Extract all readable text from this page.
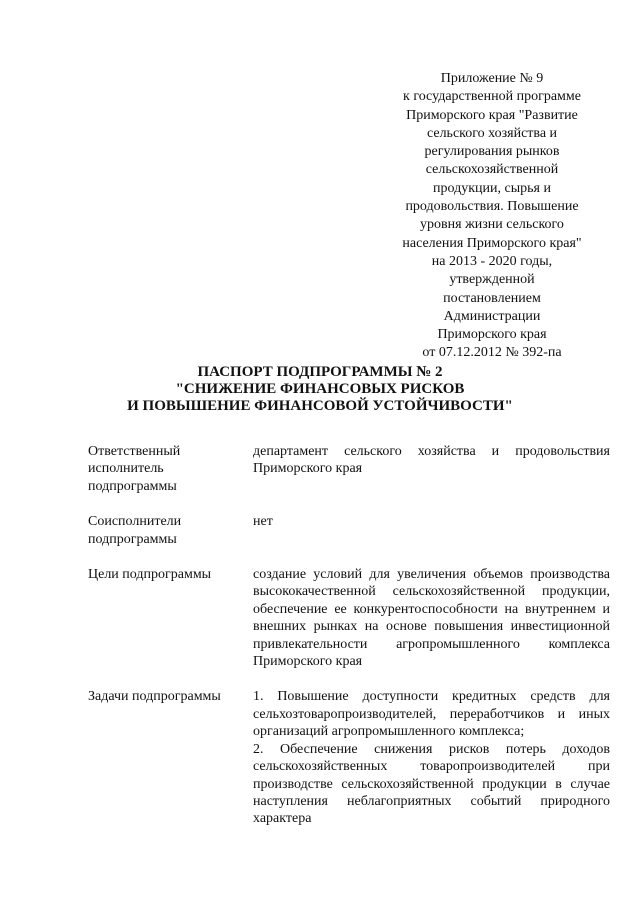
Приложение № 9
к государственной программе
Приморского края "Развитие
сельского хозяйства и
регулирования рынков
сельскохозяйственной
продукции, сырья и
продовольствия. Повышение
уровня жизни сельского
населения Приморского края"
на 2013 - 2020 годы,
утвержденной
постановлением
Администрации
Приморского края
от 07.12.2012 № 392-па
ПАСПОРТ ПОДПРОГРАММЫ № 2
"СНИЖЕНИЕ ФИНАНСОВЫХ РИСКОВ
И ПОВЫШЕНИЕ ФИНАНСОВОЙ УСТОЙЧИВОСТИ"
Ответственный исполнитель подпрограммы

департамент сельского хозяйства и продовольствия Приморского края

Соисполнители подпрограммы

нет

Цели подпрограммы	создание условий для увеличения объемов производства высококачественной сельскохозяйственной продукции, обеспечение ее конкурентоспособности на внутреннем и внешних рынках на основе повышения инвестиционной привлекательности агропромышленного комплекса Приморского края

Задачи подпрограммы	1. Повышение доступности кредитных средств для сельхозтоваропроизводителей, переработчиков и иных организаций агропромышленного комплекса;

2. Обеспечение снижения рисков потерь доходов сельскохозяйственных товаропроизводителей при производстве сельскохозяйственной продукции в случае наступления неблагоприятных событий природного характера
